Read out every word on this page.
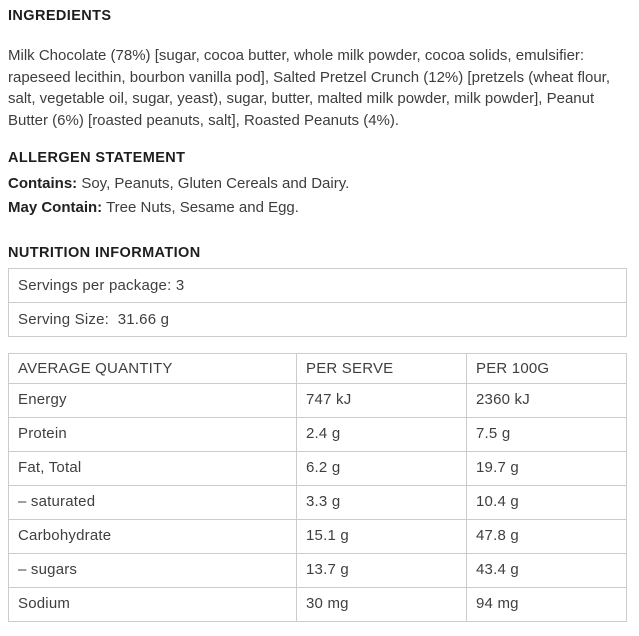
INGREDIENTS

Milk Chocolate (78%) [sugar, cocoa butter, whole milk powder, cocoa solids, emulsifier: rapeseed lecithin, bourbon vanilla pod], Salted Pretzel Crunch (12%) [pretzels (wheat flour, salt, vegetable oil, sugar, yeast), sugar, butter, malted milk powder, milk powder], Peanut Butter (6%) [roasted peanuts, salt], Roasted Peanuts (4%).

ALLERGEN STATEMENT

Contains: Soy, Peanuts, Gluten Cereals and Dairy.

May Contain: Tree Nuts, Sesame and Egg.

NUTRITION INFORMATION
Servings per package: 3
Serving Size:  31.66 g
AVERAGE QUANTITY	PER SERVE	PER 100G
Energy	747 kJ	2360 kJ
Protein	2.4 g	7.5 g
Fat, Total	6.2 g	19.7 g
– saturated	3.3 g	10.4 g
Carbohydrate	15.1 g	47.8 g
– sugars	13.7 g	43.4 g
Sodium	30 mg	94 mg
